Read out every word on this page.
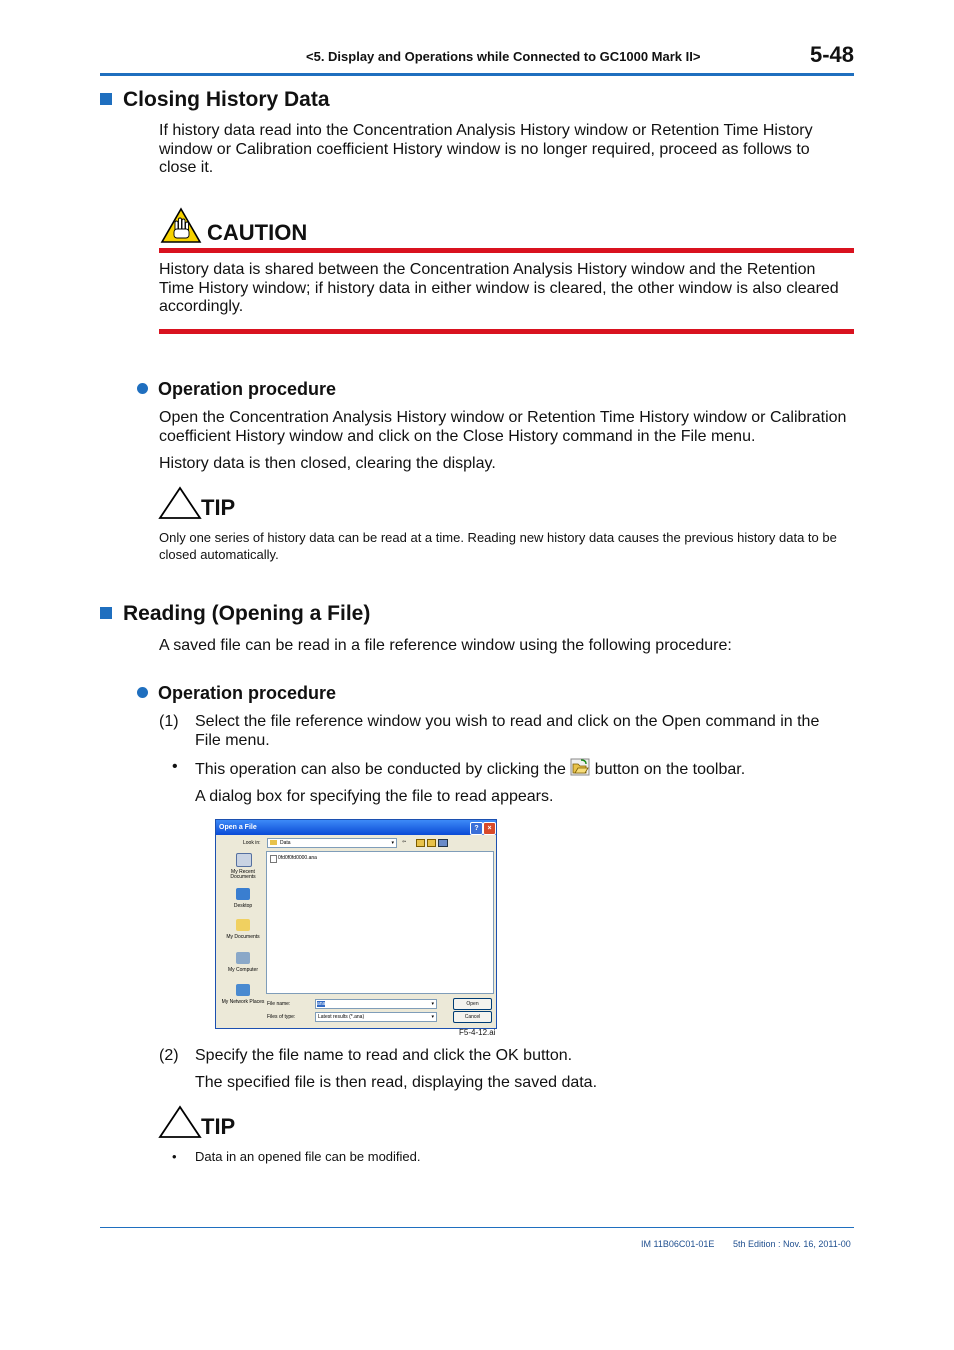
<5. Display and Operations while Connected to GC1000 Mark II>	5-48
Closing History Data
If history data read into the Concentration Analysis History window or Retention Time History window or Calibration coefficient History window is no longer required, proceed as follows to close it.
CAUTION
History data is shared between the Concentration Analysis History window and the Retention Time History window; if history data in either window is cleared, the other window is also cleared accordingly.
Operation procedure
Open the Concentration Analysis History window or Retention Time History window or Calibration coefficient History window and click on the Close History command in the File menu.
History data is then closed, clearing the display.
TIP
Only one series of history data can be read at a time. Reading new history data causes the previous history data to be closed automatically.
Reading (Opening a File)
A saved file can be read in a file reference window using the following procedure:
Operation procedure
(1) Select the file reference window you wish to read and click on the Open command in the File menu.
• This operation can also be conducted by clicking the button on the toolbar.
A dialog box for specifying the file to read appears.
Open a File	?	×
Look in:	Data	▾ ⇦
My Recent Documents
Desktop
My Documents
My Computer
My Network Places
0fd0f0fd0000.ana
File name:	ana	▾
Files of type:	Latest results (*.ana)	▾
Open
Cancel
F5-4-12.ai
(2) Specify the file name to read and click the OK button.
The specified file is then read, displaying the saved data.
TIP
• Data in an opened file can be modified.
IM 11B06C01-01E 5th Edition : Nov. 16, 2011-00
